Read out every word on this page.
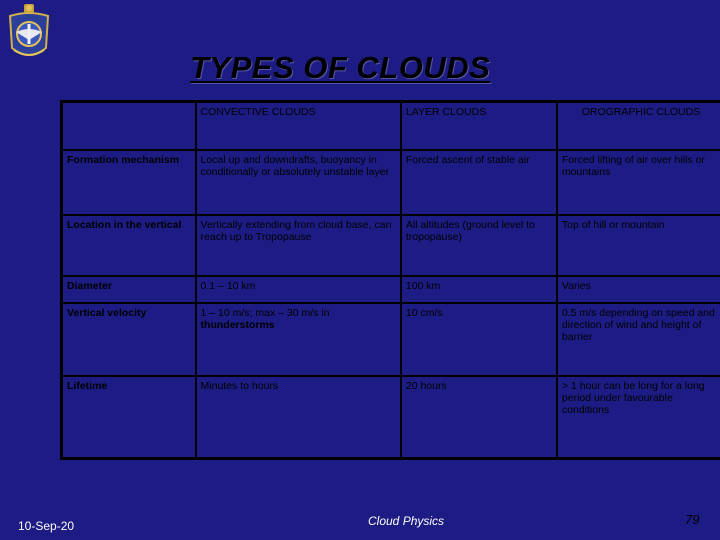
TYPES OF CLOUDS
	CONVECTIVE CLOUDS	LAYER CLOUDS	OROGRAPHIC CLOUDS
Formation mechanism	Local up and downdrafts, buoyancy in conditionally or absolutely unstable layer	Forced ascent of stable air	Forced lifting of air over hills or mountains
Location in the vertical	Vertically extending from cloud base, can reach up to Tropopause	All altitudes (ground level to tropopause)	Top of hill or mountain
Diameter	0.1 – 10 km	100 km	Varies
Vertical velocity	1 – 10 m/s; max – 30 m/s in thunderstorms	10 cm/s	0.5 m/s depending on speed and direction of wind and height of barrier
Lifetime	Minutes to hours	20 hours	> 1 hour can be long for a long period under favourable conditions
10-Sep-20	Cloud Physics	79
